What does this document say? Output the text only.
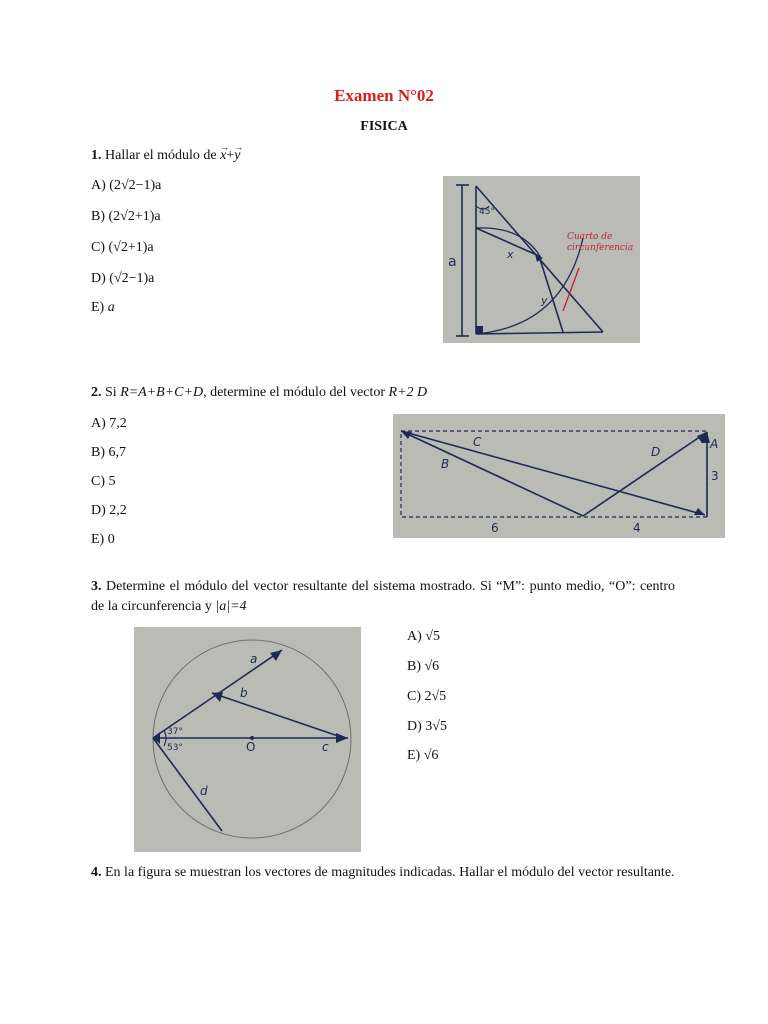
Examen N°02
FISICA
1. Hallar el módulo de → x+→ y
A) (2√2−1)a
B) (2√2+1)a
C) (√2+1)a
D) (√2−1)a
E) a
45°
a	x
y
Cuarto de circunferencia
2. Si R=A+B+C+D, determine el módulo del vector R+2 D
A) 7,2
B) 6,7
C) 5
D) 2,2
E) 0
C
B
D
A
3
6	4
3. Determine el módulo del vector resultante del sistema mostrado. Si “M”: punto medio, “O”: centro de la circunferencia y |a|=4
a
b
c
d
O
37°
53°
A) √5
B) √6
C) 2√5
D) 3√5
E) √6
4. En la figura se muestran los vectores de magnitudes indicadas. Hallar el módulo del vector resultante.
